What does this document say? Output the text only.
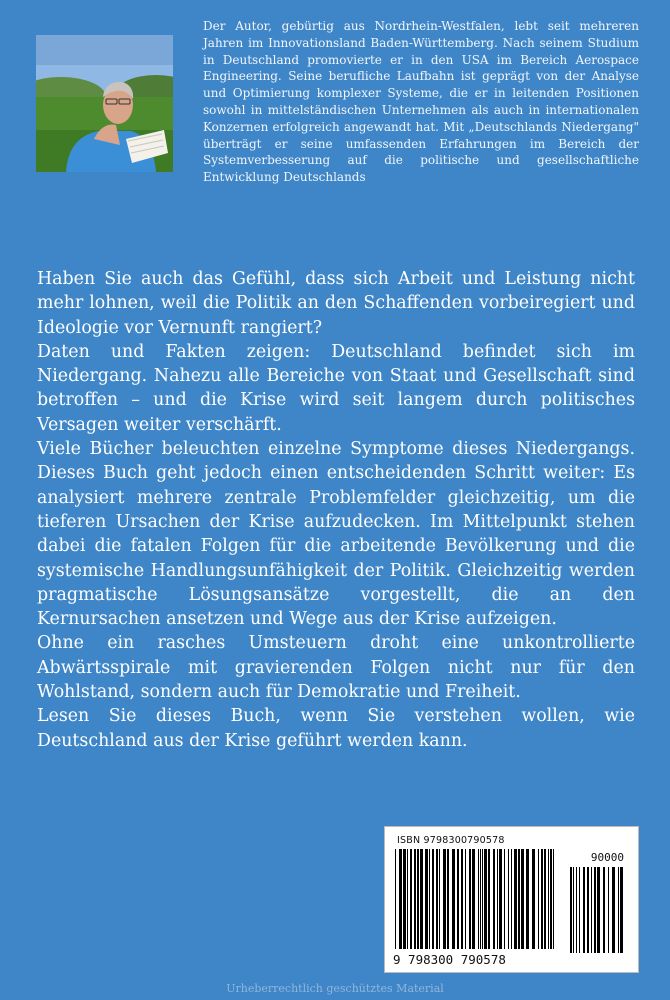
Der Autor, gebürtig aus Nordrhein-Westfalen, lebt seit mehreren Jahren im Innovationsland Baden-Württemberg. Nach seinem Studium in Deutschland promovierte er in den USA im Bereich Aerospace Engineering. Seine berufliche Laufbahn ist geprägt von der Analyse und Optimierung komplexer Systeme, die er in leitenden Positionen sowohl in mittelständischen Unternehmen als auch in internationalen Konzernen erfolgreich angewandt hat. Mit „Deutschlands Niedergang" überträgt er seine umfassenden Erfahrungen im Bereich der Systemverbesserung auf die politische und gesellschaftliche Entwicklung Deutschlands

Haben Sie auch das Gefühl, dass sich Arbeit und Leistung nicht mehr lohnen, weil die Politik an den Schaffenden vorbeiregiert und Ideologie vor Vernunft rangiert?

Daten und Fakten zeigen: Deutschland befindet sich im Niedergang. Nahezu alle Bereiche von Staat und Gesellschaft sind betroffen – und die Krise wird seit langem durch politisches Versagen weiter verschärft.

Viele Bücher beleuchten einzelne Symptome dieses Niedergangs. Dieses Buch geht jedoch einen entscheidenden Schritt weiter: Es analysiert mehrere zentrale Problemfelder gleichzeitig, um die tieferen Ursachen der Krise aufzudecken. Im Mittelpunkt stehen dabei die fatalen Folgen für die arbeitende Bevölkerung und die systemische Handlungsunfähigkeit der Politik. Gleichzeitig werden pragmatische Lösungsansätze vorgestellt, die an den Kernursachen ansetzen und Wege aus der Krise aufzeigen.

Ohne ein rasches Umsteuern droht eine unkontrollierte Abwärtsspirale mit gravierenden Folgen nicht nur für den Wohlstand, sondern auch für Demokratie und Freiheit.

Lesen Sie dieses Buch, wenn Sie verstehen wollen, wie Deutschland aus der Krise geführt werden kann.

ISBN 9798300790578
90000
9 798300 790578
Urheberrechtlich geschütztes Material
